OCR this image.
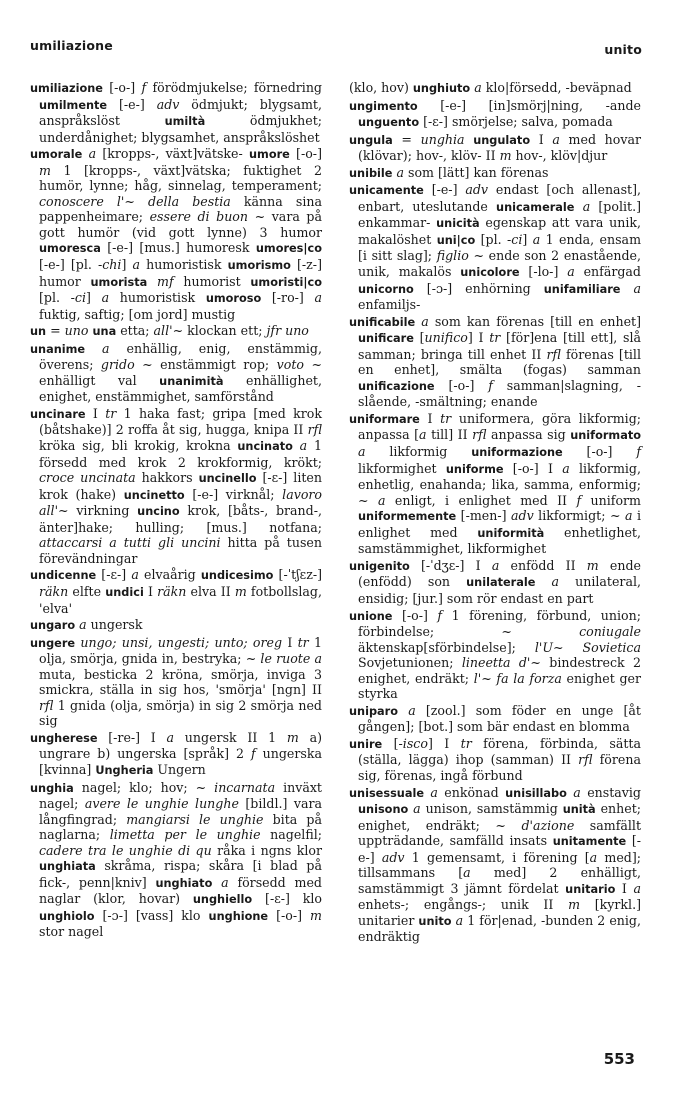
umiliazione	unito

umiliazione [-o-] f förödmjukelse; förnedring umilmente [-e-] adv ödmjukt; blygsamt, anspråkslöst umiltà ödmjukhet; underdånighet; blygsamhet, anspråkslöshet

umorale a [kropps-, växt]vätske- umore [-o-] m 1 [kropps-, växt]vätska; fuktighet 2 humör, lynne; håg, sinnelag, temperament; conoscere l'~ della bestia känna sina pappenheimare; essere di buon ~ vara på gott humör (vid gott lynne) 3 humor umoresca [-e-] [mus.] humoresk umores|co [-e-] [pl. -chi] a humoristisk umorismo [-z-] humor umorista mf humorist umoristi|co [pl. -ci] a humoristisk umoroso [-ro-] a fuktig, saftig; [om jord] mustig

un = uno una etta; all'~ klockan ett; jfr uno

unanime a enhällig, enig, enstämmig, överens; grido ~ enstämmigt rop; voto ~ enhälligt val unanimità enhällighet, enighet, enstämmighet, samförstånd

uncinare I tr 1 haka fast; gripa [med krok (båtshake)] 2 roffa åt sig, hugga, knipa II rfl kröka sig, bli krokig, krokna uncinato a 1 försedd med krok 2 krokformig, krökt; croce uncinata hakkors uncinello [-ɛ-] liten krok (hake) uncinetto [-e-] virknål; lavoro all'~ virkning uncino krok, [båts-, brand-, änter]hake; hulling; [mus.] notfana; attaccarsi a tutti gli uncini hitta på tusen förevändningar

undicenne [-ɛ-] a elvaårig undicesimo [-ˈtʃɛz-] räkn elfte undici I räkn elva II m fotbollslag, 'elva'

ungaro a ungersk

ungere ungo; unsi, ungesti; unto; oreg I tr 1 olja, smörja, gnida in, bestryka; ~ le ruote a muta, besticka 2 kröna, smörja, inviga 3 smickra, ställa in sig hos, 'smörja' [ngn] II rfl 1 gnida (olja, smörja) in sig 2 smörja ned sig

ungherese [-re-] I a ungersk II 1 m a) ungrare b) ungerska [språk] 2 f ungerska [kvinna] Ungheria Ungern

unghia nagel; klo; hov; ~ incarnata inväxt nagel; avere le unghie lunghe [bildl.] vara långfingrad; mangiarsi le unghie bita på naglarna; limetta per le unghie nagelfil; cadere tra le unghie di qu råka i ngns klor unghiata skråma, rispa; skåra [i blad på fick-, penn|kniv] unghiato a försedd med naglar (klor, hovar) unghiello [-ɛ-] klo unghiolo [-ɔ-] [vass] klo unghione [-o-] m stor nagel

(klo, hov) unghiuto a klo|försedd, -beväpnad

ungimento [-e-] [in]smörj|ning, -ande unguento [-ɛ-] smörjelse; salva, pomada

ungula = unghia ungulato I a med hovar (klövar); hov-, klöv- II m hov-, klöv|djur

unibile a som [lätt] kan förenas

unicamente [-e-] adv endast [och allenast], enbart, uteslutande unicamerale a [polit.] enkammar- unicità egenskap att vara unik, makalöshet uni|co [pl. -ci] a 1 enda, ensam [i sitt slag]; figlio ~ ende son 2 enastående, unik, makalös unicolore [-lo-] a enfärgad unicorno [-ɔ-] enhörning unifamiliare a enfamiljs-

unificabile a som kan förenas [till en enhet] unificare [unifico] I tr [för]ena [till ett], slå samman; bringa till enhet II rfl förenas [till en enhet], smälta (fogas) samman unificazione [-o-] f samman|slagning, -slående, -smältning; enande

uniformare I tr uniformera, göra likformig; anpassa [a till] II rfl anpassa sig uniformato a likformig uniformazione [-o-] f likformighet uniforme [-o-] I a likformig, enhetlig, enahanda; lika, samma, enformig; ~ a enligt, i enlighet med II f uniform uniformemente [-men-] adv likformigt; ~ a i enlighet med uniformità enhetlighet, samstämmighet, likformighet

unigenito [-ˈdʒɛ-] I a enfödd II m ende (enfödd) son unilaterale a unilateral, ensidig; [jur.] som rör endast en part

unione [-o-] f 1 förening, förbund, union; förbindelse; ~ coniugale äktenskap[sförbindelse]; l'U~ Sovietica Sovjetunionen; lineetta d'~ bindestreck 2 enighet, endräkt; l'~ fa la forza enighet ger styrka

uniparo a [zool.] som föder en unge [åt gången]; [bot.] som bär endast en blomma

unire [-isco] I tr förena, förbinda, sätta (ställa, lägga) ihop (samman) II rfl förena sig, förenas, ingå förbund

unisessuale a enkönad unisillabo a enstavig unisono a unison, samstämmig unità enhet; enighet, endräkt; ~ d'azione samfällt uppträdande, samfälld insats unitamente [-e-] adv 1 gemensamt, i förening [a med]; tillsammans [a med] 2 enhälligt, samstämmigt 3 jämnt fördelat unitario I a enhets-; engångs-; unik II m [kyrkl.] unitarier unito a 1 för|enad, -bunden 2 enig, endräktig

553
